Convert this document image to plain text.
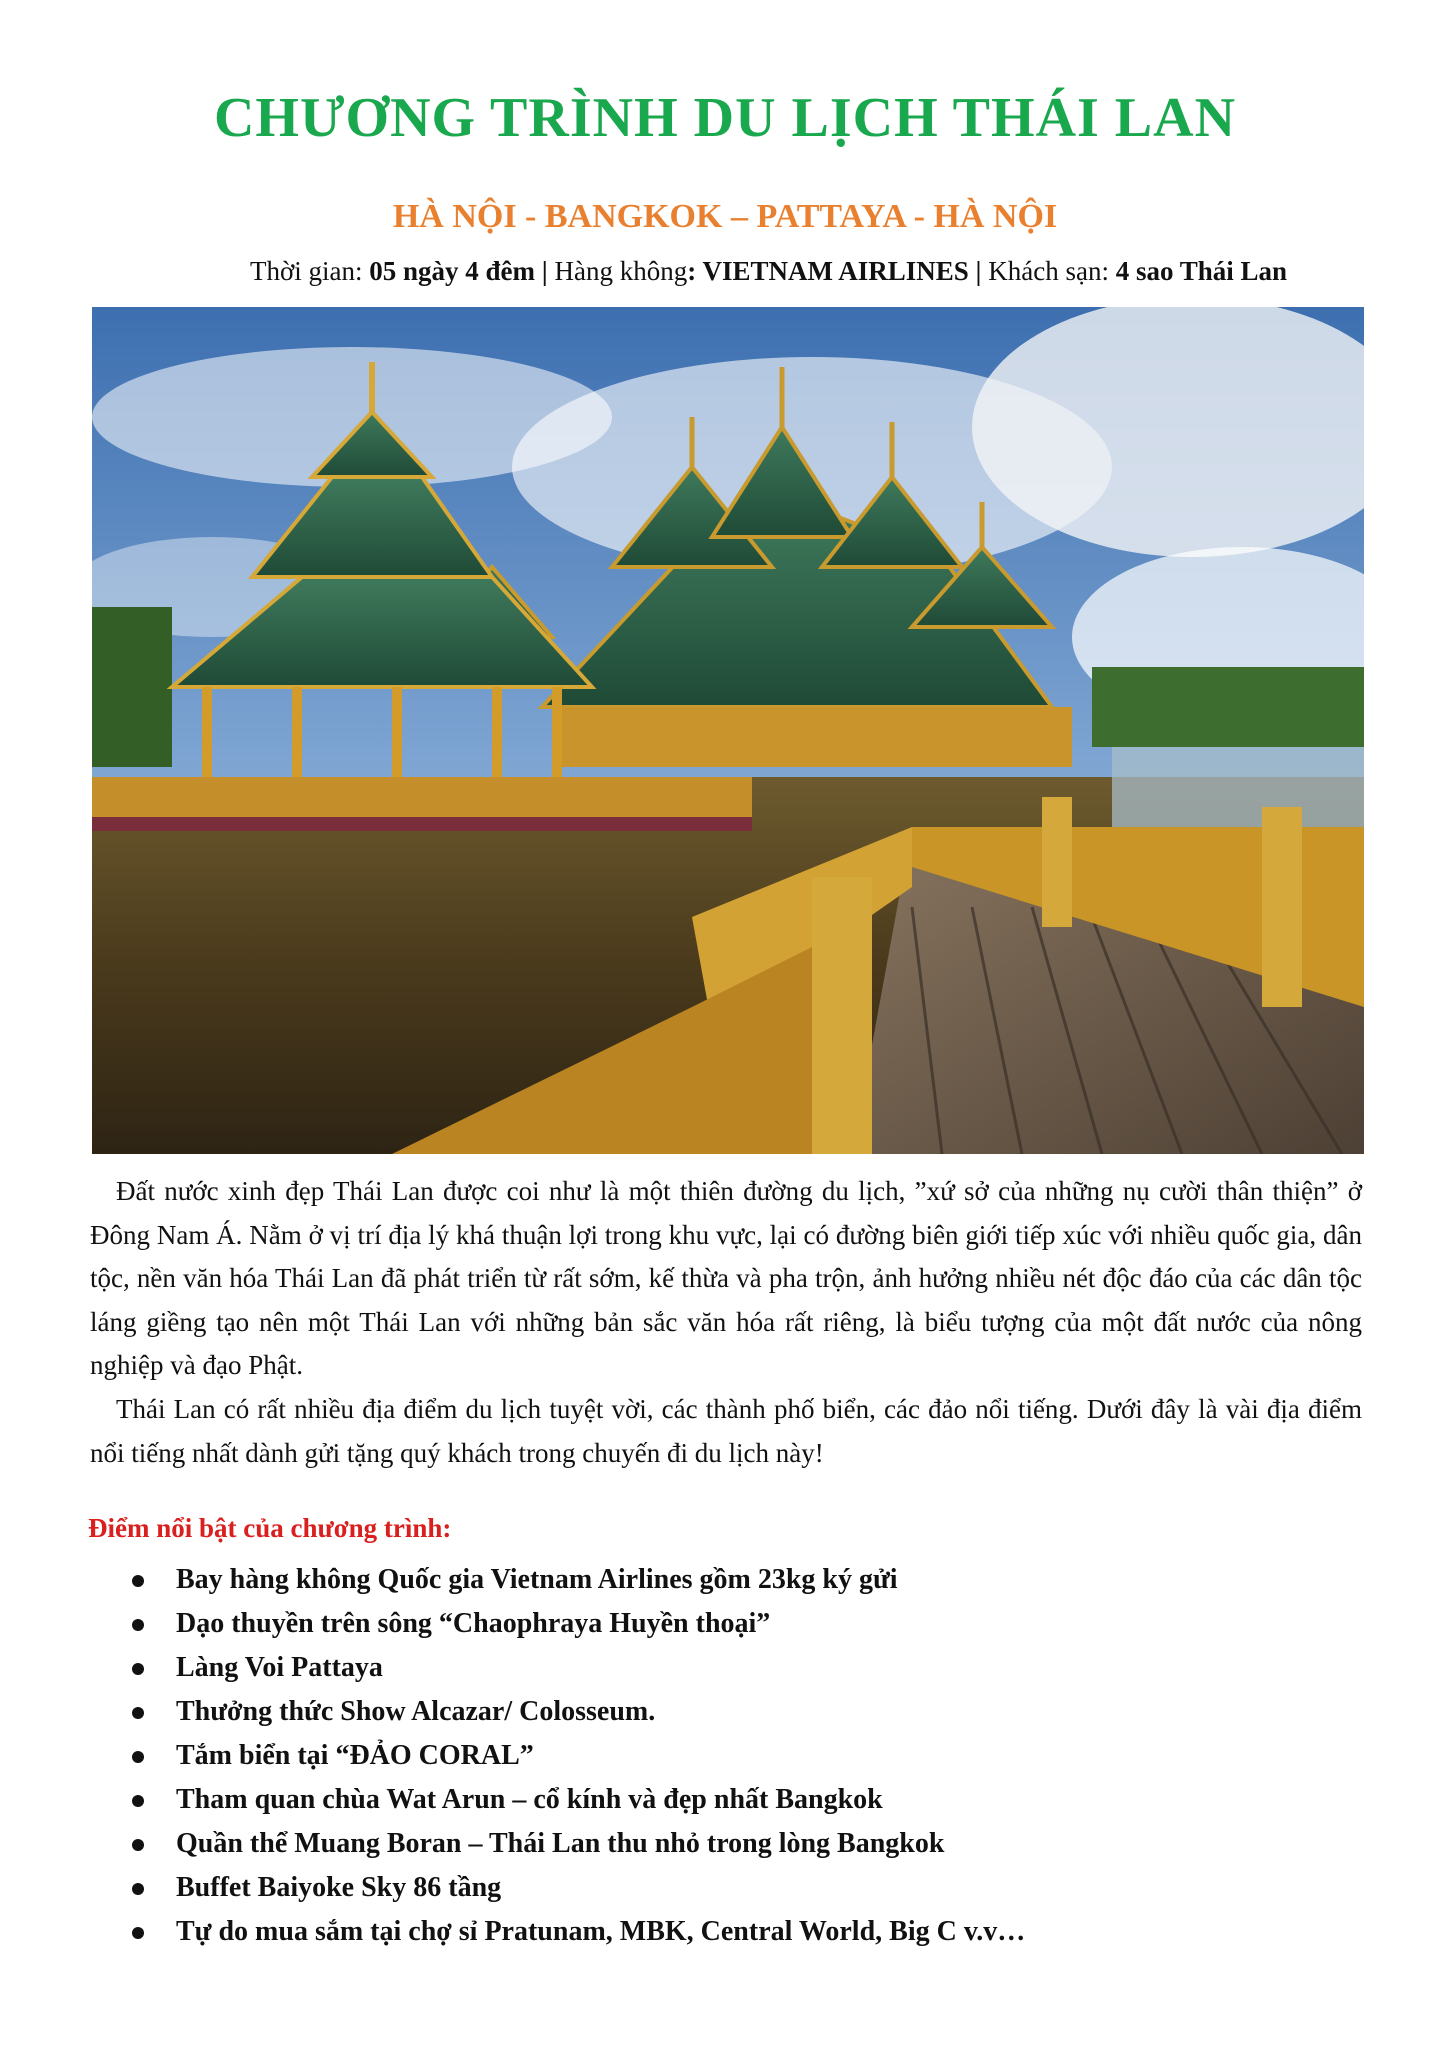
CHƯƠNG TRÌNH DU LỊCH THÁI LAN
HÀ NỘI - BANGKOK – PATTAYA - HÀ NỘI
Thời gian: 05 ngày 4 đêm | Hàng không: VIETNAM AIRLINES | Khách sạn: 4 sao Thái Lan

Đất nước xinh đẹp Thái Lan được coi như là một thiên đường du lịch, ”xứ sở của những nụ cười thân thiện” ở Đông Nam Á. Nằm ở vị trí địa lý khá thuận lợi trong khu vực, lại có đường biên giới tiếp xúc với nhiều quốc gia, dân tộc, nền văn hóa Thái Lan đã phát triển từ rất sớm, kế thừa và pha trộn, ảnh hưởng nhiều nét độc đáo của các dân tộc láng giềng tạo nên một Thái Lan với những bản sắc văn hóa rất riêng, là biểu tượng của một đất nước của nông nghiệp và đạo Phật.

Thái Lan có rất nhiều địa điểm du lịch tuyệt vời, các thành phố biển, các đảo nổi tiếng. Dưới đây là vài địa điểm nổi tiếng nhất dành gửi tặng quý khách trong chuyến đi du lịch này!

Điểm nổi bật của chương trình:
Bay hàng không Quốc gia Vietnam Airlines gồm 23kg ký gửi
Dạo thuyền trên sông “Chaophraya Huyền thoại”
Làng Voi Pattaya
Thưởng thức Show Alcazar/ Colosseum.
Tắm biển tại “ĐẢO CORAL”
Tham quan chùa Wat Arun – cổ kính và đẹp nhất Bangkok
Quần thể Muang Boran – Thái Lan thu nhỏ trong lòng Bangkok
Buffet Baiyoke Sky 86 tầng
Tự do mua sắm tại chợ sỉ Pratunam, MBK, Central World, Big C v.v…
